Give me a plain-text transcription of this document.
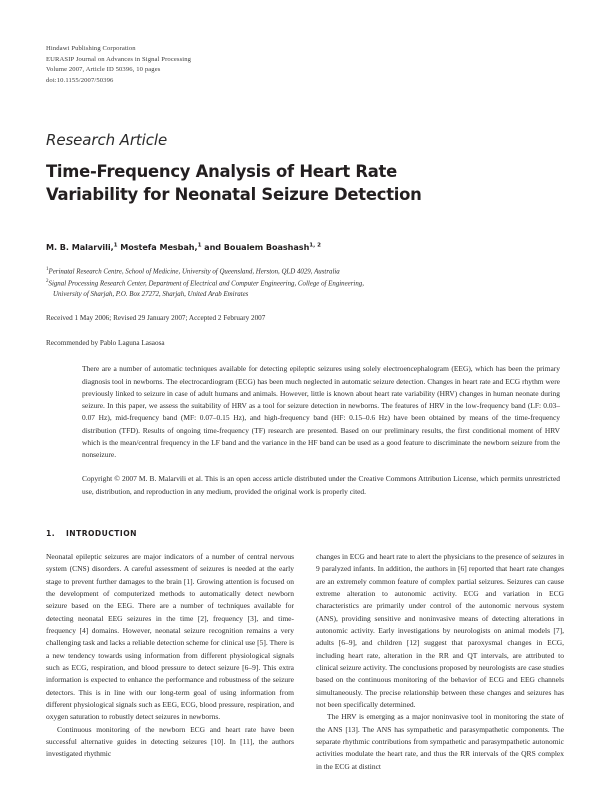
Hindawi Publishing Corporation
EURASIP Journal on Advances in Signal Processing
Volume 2007, Article ID 50396, 10 pages
doi:10.1155/2007/50396
Research Article
Time-Frequency Analysis of Heart Rate Variability for Neonatal Seizure Detection
M. B. Malarvili,$^1$ Mostefa Mesbah,$^1$ and Boualem Boashash$^{1, 2}$
$^1$Perinatal Research Centre, School of Medicine, University of Queensland, Herston, QLD 4029, Australia
$^2$Signal Processing Research Center, Department of Electrical and Computer Engineering, College of Engineering,
University of Sharjah, P.O. Box 27272, Sharjah, United Arab Emirates
Received 1 May 2006; Revised 29 January 2007; Accepted 2 February 2007
Recommended by Pablo Laguna Lasaosa
There are a number of automatic techniques available for detecting epileptic seizures using solely electroencephalogram (EEG), which has been the primary diagnosis tool in newborns. The electrocardiogram (ECG) has been much neglected in automatic seizure detection. Changes in heart rate and ECG rhythm were previously linked to seizure in case of adult humans and animals. However, little is known about heart rate variability (HRV) changes in human neonate during seizure. In this paper, we assess the suitability of HRV as a tool for seizure detection in newborns. The features of HRV in the low-frequency band (LF: 0.03–0.07 Hz), mid-frequency band (MF: 0.07–0.15 Hz), and high-frequency band (HF: 0.15–0.6 Hz) have been obtained by means of the time-frequency distribution (TFD). Results of ongoing time-frequency (TF) research are presented. Based on our preliminary results, the first conditional moment of HRV which is the mean/central frequency in the LF band and the variance in the HF band can be used as a good feature to discriminate the newborn seizure from the nonseizure.
Copyright © 2007 M. B. Malarvili et al. This is an open access article distributed under the Creative Commons Attribution License, which permits unrestricted use, distribution, and reproduction in any medium, provided the original work is properly cited.
1. INTRODUCTION

Neonatal epileptic seizures are major indicators of a number of central nervous system (CNS) disorders. A careful assessment of seizures is needed at the early stage to prevent further damages to the brain [1]. Growing attention is focused on the development of computerized methods to automatically detect newborn seizure based on the EEG. There are a number of techniques available for detecting neonatal EEG seizures in the time [2], frequency [3], and time-frequency [4] domains. However, neonatal seizure recognition remains a very challenging task and lacks a reliable detection scheme for clinical use [5]. There is a new tendency towards using information from different physiological signals such as ECG, respiration, and blood pressure to detect seizure [6–9]. This extra information is expected to enhance the performance and robustness of the seizure detectors. This is in line with our long-term goal of using information from different physiological signals such as EEG, ECG, blood pressure, respiration, and oxygen saturation to robustly detect seizures in newborns.

Continuous monitoring of the newborn ECG and heart rate have been successful alternative guides in detecting seizures [10]. In [11], the authors investigated rhythmic

changes in ECG and heart rate to alert the physicians to the presence of seizures in 9 paralyzed infants. In addition, the authors in [6] reported that heart rate changes are an extremely common feature of complex partial seizures. Seizures can cause extreme alteration to autonomic activity. ECG and variation in ECG characteristics are primarily under control of the autonomic nervous system (ANS), providing sensitive and noninvasive means of detecting alterations in autonomic activity. Early investigations by neurologists on animal models [7], adults [6–9], and children [12] suggest that paroxysmal changes in ECG, including heart rate, alteration in the RR and QT intervals, are attributed to clinical seizure activity. The conclusions proposed by neurologists are case studies based on the continuous monitoring of the behavior of ECG and EEG channels simultaneously. The precise relationship between these changes and seizures has not been specifically determined.

The HRV is emerging as a major noninvasive tool in monitoring the state of the ANS [13]. The ANS has sympathetic and parasympathetic components. The separate rhythmic contributions from sympathetic and parasympathetic autonomic activities modulate the heart rate, and thus the RR intervals of the QRS complex in the ECG at distinct
